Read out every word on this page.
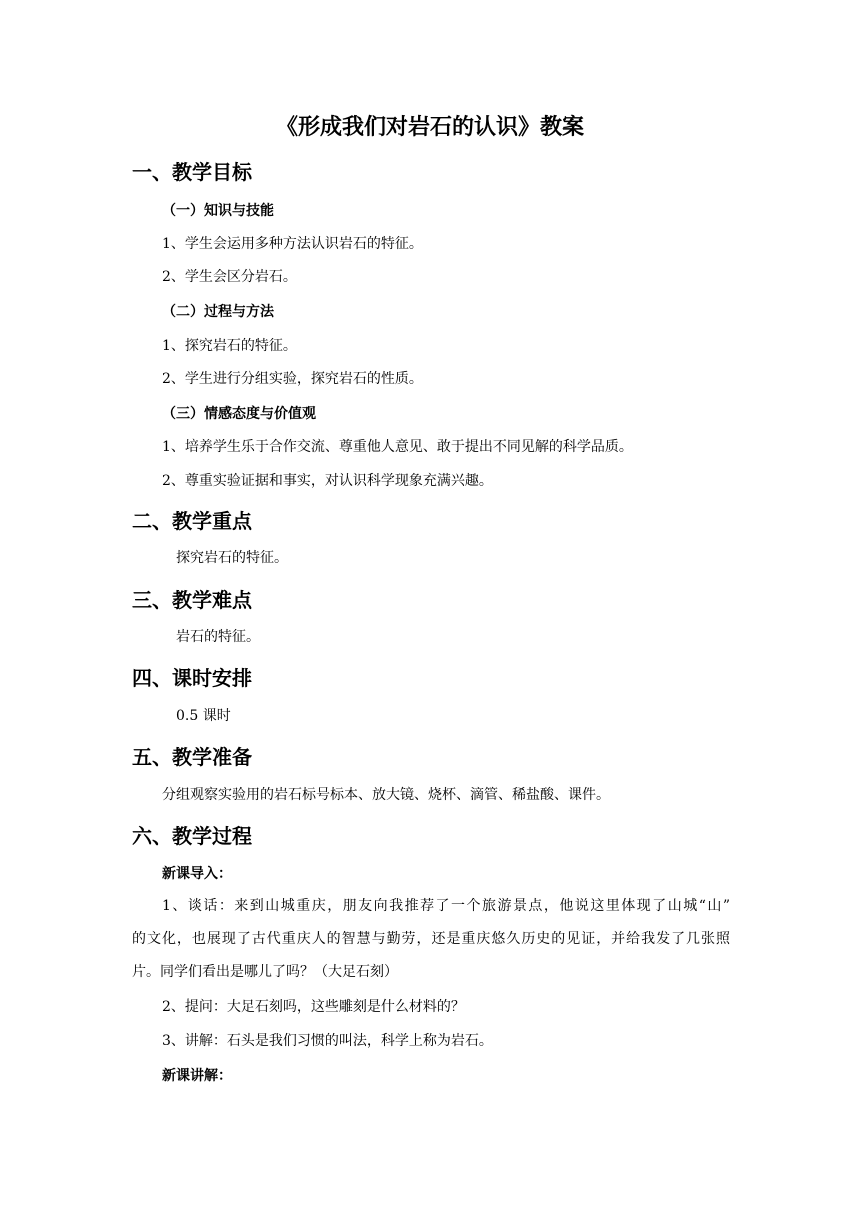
《形成我们对岩石的认识》教案
一、教学目标
（一）知识与技能
1、学生会运用多种方法认识岩石的特征。
2、学生会区分岩石。
（二）过程与方法
1、探究岩石的特征。
2、学生进行分组实验，探究岩石的性质。
（三）情感态度与价值观
1、培养学生乐于合作交流、尊重他人意见、敢于提出不同见解的科学品质。
2、尊重实验证据和事实，对认识科学现象充满兴趣。
二、教学重点
探究岩石的特征。
三、教学难点
岩石的特征。
四、课时安排
0.5 课时
五、教学准备
分组观察实验用的岩石标号标本、放大镜、烧杯、滴管、稀盐酸、课件。
六、教学过程
新课导入：
1、谈话：来到山城重庆，朋友向我推荐了一个旅游景点，他说这里体现了山城“山”
的文化，也展现了古代重庆人的智慧与勤劳，还是重庆悠久历史的见证，并给我发了几张照
片。同学们看出是哪儿了吗？（大足石刻）
2、提问：大足石刻吗，这些雕刻是什么材料的？
3、讲解：石头是我们习惯的叫法，科学上称为岩石。
新课讲解：
